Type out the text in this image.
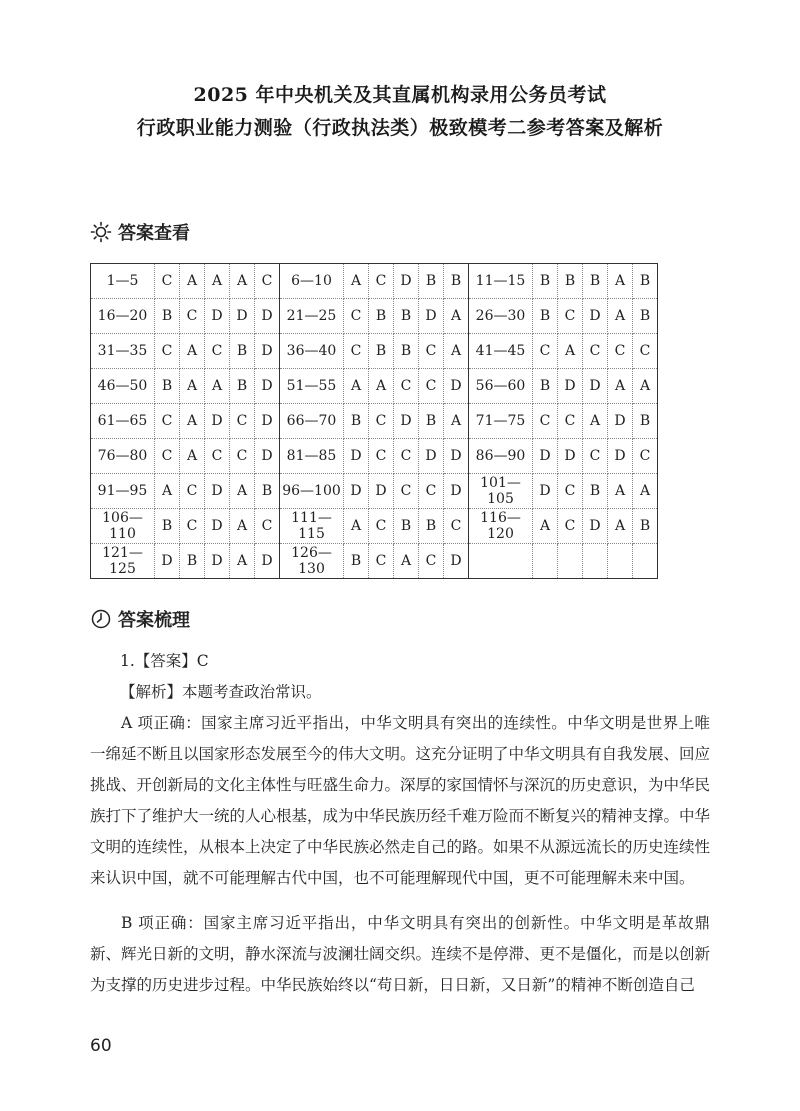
2025 年中央机关及其直属机构录用公务员考试
行政职业能力测验（行政执法类）极致模考二参考答案及解析
答案查看
1—5	C	A	A	A	C	6—10	A	C	D	B	B	11—15	B	B	B	A	B
16—20	B	C	D	D	D	21—25	C	B	B	D	A	26—30	B	C	D	A	B
31—35	C	A	C	B	D	36—40	C	B	B	C	A	41—45	C	A	C	C	C
46—50	B	A	A	B	D	51—55	A	A	C	C	D	56—60	B	D	D	A	A
61—65	C	A	D	C	D	66—70	B	C	D	B	A	71—75	C	C	A	D	B
76—80	C	A	C	C	D	81—85	D	C	C	D	D	86—90	D	D	C	D	C
91—95	A	C	D	A	B	96—100	D	D	C	C	D	101—105	D	C	B	A	A
106—110	B	C	D	A	C	111—115	A	C	B	B	C	116—120	A	C	D	A	B
121—125	D	B	D	A	D	126—130	B	C	A	C	D						
答案梳理
1.【答案】C
【解析】本题考查政治常识。

A 项正确：国家主席习近平指出，中华文明具有突出的连续性。中华文明是世界上唯一绵延不断且以国家形态发展至今的伟大文明。这充分证明了中华文明具有自我发展、回应挑战、开创新局的文化主体性与旺盛生命力。深厚的家国情怀与深沉的历史意识，为中华民族打下了维护大一统的人心根基，成为中华民族历经千难万险而不断复兴的精神支撑。中华文明的连续性，从根本上决定了中华民族必然走自己的路。如果不从源远流长的历史连续性来认识中国，就不可能理解古代中国，也不可能理解现代中国，更不可能理解未来中国。

B 项正确：国家主席习近平指出，中华文明具有突出的创新性。中华文明是革故鼎新、辉光日新的文明，静水深流与波澜壮阔交织。连续不是停滞、更不是僵化，而是以创新为支撑的历史进步过程。中华民族始终以“苟日新，日日新，又日新”的精神不断创造自己

60
